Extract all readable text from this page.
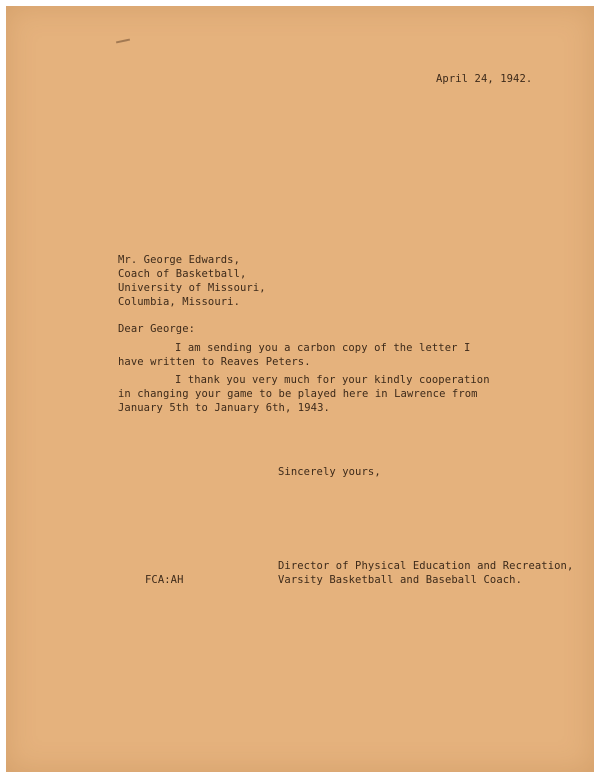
April 24, 1942.
Mr. George Edwards,
Coach of Basketball,
University of Missouri,
Columbia, Missouri.
Dear George:
I am sending you a carbon copy of the letter I
have written to Reaves Peters.
I thank you very much for your kindly cooperation
in changing your game to be played here in Lawrence from
January 5th to January 6th, 1943.
Sincerely yours,
Director of Physical Education and Recreation,
Varsity Basketball and Baseball Coach.
FCA:AH
